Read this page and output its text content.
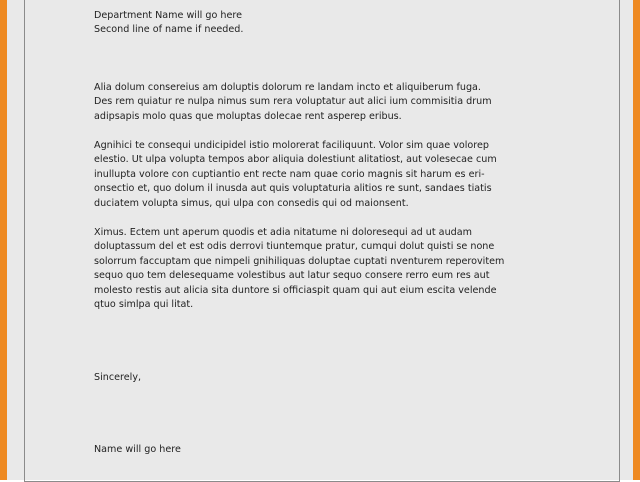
Department Name will go here
Second line of name if needed.
Alia dolum consereius am doluptis dolorum re landam incto et aliquiberum fuga.
Des rem quiatur re nulpa nimus sum rera voluptatur aut alici ium commisitia drum
adipsapis molo quas que moluptas dolecae rent asperep eribus.
Agnihici te consequi undicipidel istio molorerat faciliquunt. Volor sim quae volorep
elestio. Ut ulpa volupta tempos abor aliquia dolestiunt alitatiost, aut volesecae cum
inullupta volore con cuptiantio ent recte nam quae corio magnis sit harum es eri-
onsectio et, quo dolum il inusda aut quis voluptaturia alitios re sunt, sandaes tiatis
duciatem volupta simus, qui ulpa con consedis qui od maionsent.
Ximus. Ectem unt aperum quodis et adia nitatume ni doloresequi ad ut audam
doluptassum del et est odis derrovi tiuntemque pratur, cumqui dolut quisti se none
solorrum faccuptam que nimpeli gnihiliquas doluptae cuptati nventurem reperovitem
sequo quo tem delesequame volestibus aut latur sequo consere rerro eum res aut
molesto restis aut alicia sita duntore si officiaspit quam qui aut eium escita velende
qtuo simlpa qui litat.
Sincerely,
Name will go here
